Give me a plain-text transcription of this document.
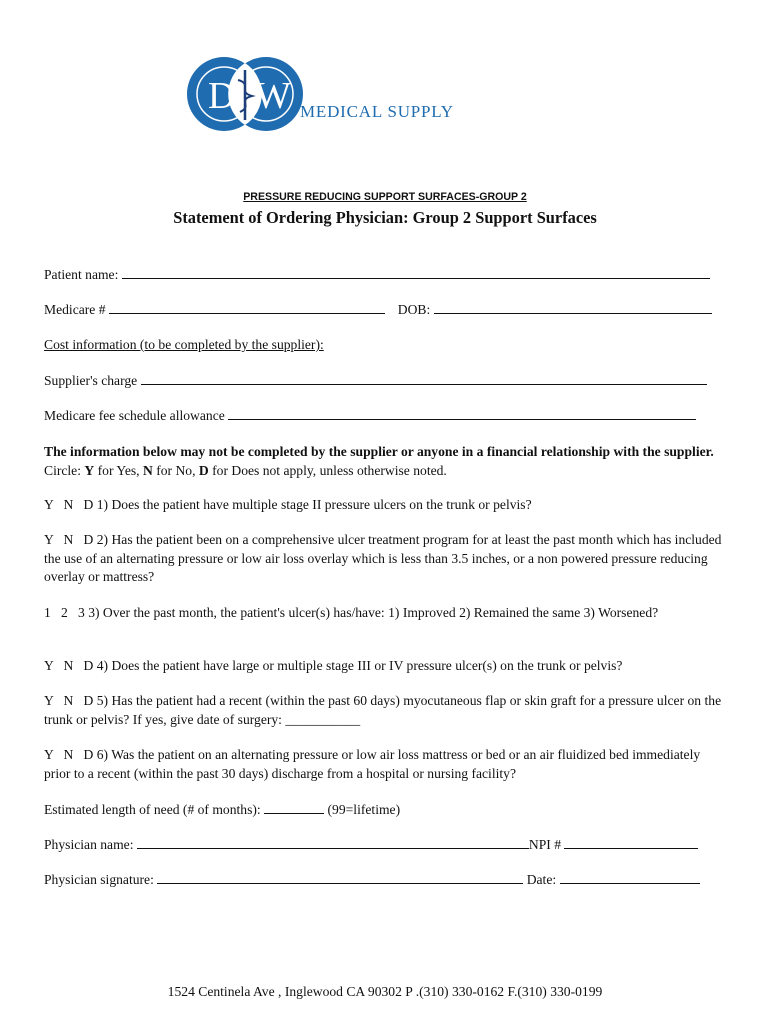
D W MEDICAL SUPPLY
PRESSURE REDUCING SUPPORT SURFACES-GROUP 2
Statement of Ordering Physician: Group 2 Support Surfaces
Patient name:
Medicare #	DOB:
Cost information (to be completed by the supplier):
Supplier's charge
Medicare fee schedule allowance
The information below may not be completed by the supplier or anyone in a financial relationship with the supplier. Circle: Y for Yes, N for No, D for Does not apply, unless otherwise noted.
Y   N   D 1) Does the patient have multiple stage II pressure ulcers on the trunk or pelvis?
Y   N   D 2) Has the patient been on a comprehensive ulcer treatment program for at least the past month which has included the use of an alternating pressure or low air loss overlay which is less than 3.5 inches, or a non powered pressure reducing overlay or mattress?
1   2   3 3) Over the past month, the patient's ulcer(s) has/have: 1) Improved 2) Remained the same 3) Worsened?
Y   N   D 4) Does the patient have large or multiple stage III or IV pressure ulcer(s) on the trunk or pelvis?
Y   N   D 5) Has the patient had a recent (within the past 60 days) myocutaneous flap or skin graft for a pressure ulcer on the trunk or pelvis? If yes, give date of surgery: ___________
Y   N   D 6) Was the patient on an alternating pressure or low air loss mattress or bed or an air fluidized bed immediately prior to a recent (within the past 30 days) discharge from a hospital or nursing facility?
Estimated length of need (# of months):	(99=lifetime)
Physician name:	NPI #
Physician signature:	Date:
1524 Centinela Ave , Inglewood CA 90302 P .(310) 330-0162 F.(310) 330-0199
